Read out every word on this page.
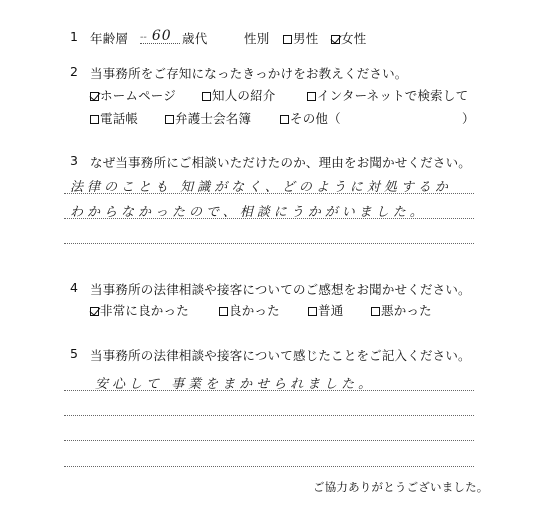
1 年齢層 -- 60 歳代	性別	男性	女性
2 当事務所をご存知になったきっかけをお教えください。
ホームページ	知人の紹介	インターネットで検索して
電話帳	弁護士会名簿	その他（	）
3 なぜ当事務所にご相談いただけたのか、理由をお聞かせください。
法律のことも 知識がなく、どのように対処するか
わからなかったので、相談にうかがいました。
4 当事務所の法律相談や接客についてのご感想をお聞かせください。
非常に良かった	良かった	普通	悪かった
5 当事務所の法律相談や接客について感じたことをご記入ください。
安心して 事業をまかせられました。
ご協力ありがとうございました。
